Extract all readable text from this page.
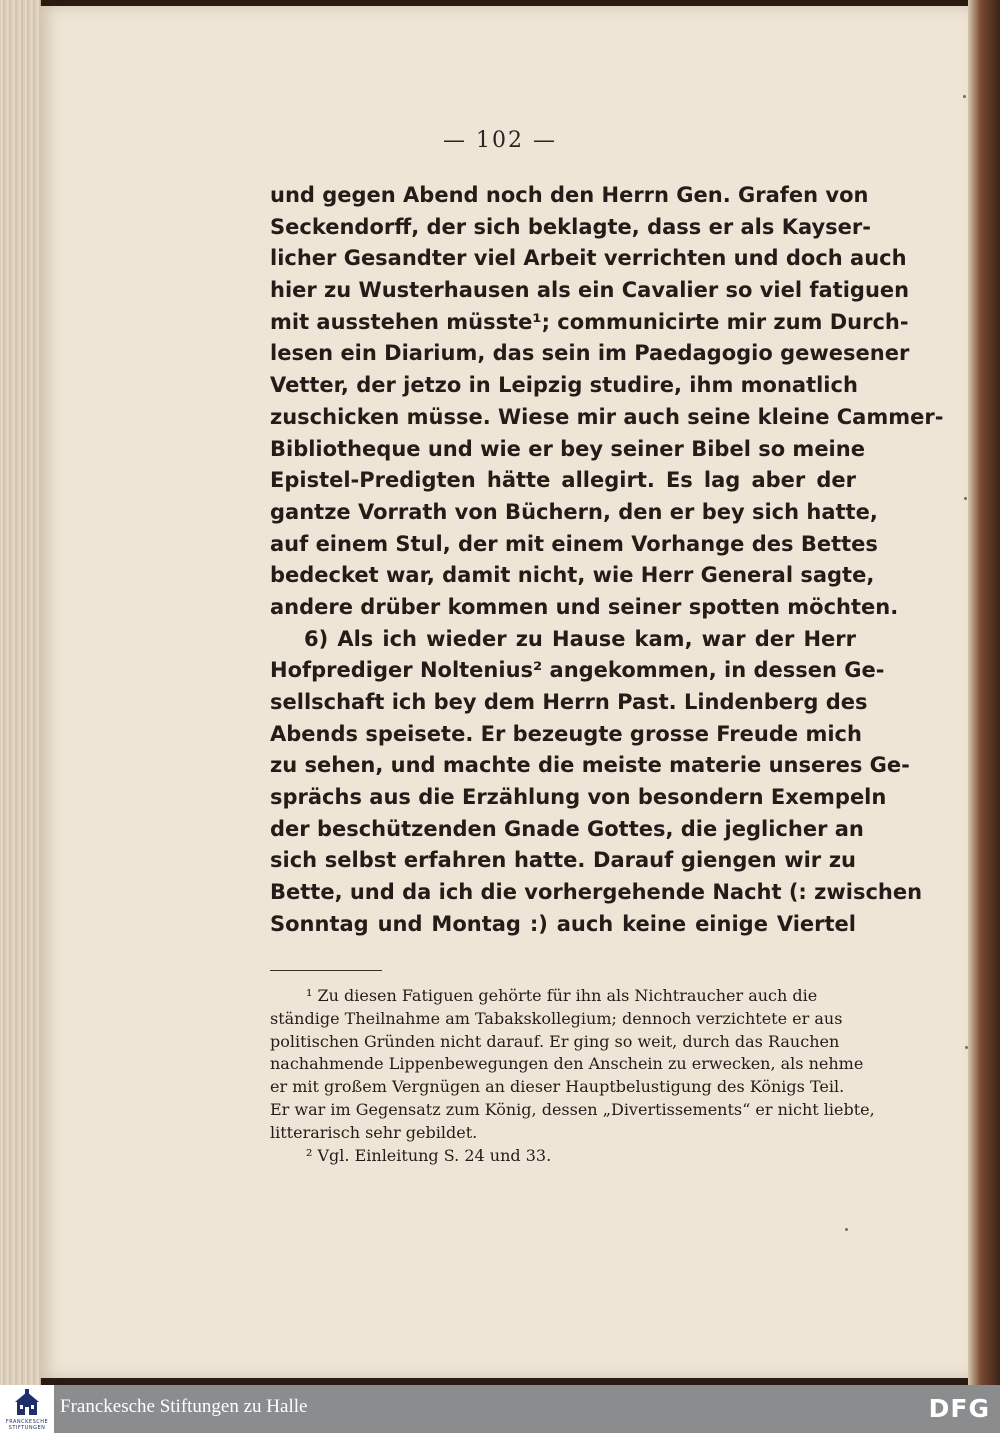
— 102 —
und gegen Abend noch den Herrn Gen. Grafen von
Seckendorff, der sich beklagte, dass er als Kayser-
licher Gesandter viel Arbeit verrichten und doch auch
hier zu Wusterhausen als ein Cavalier so viel fatiguen
mit ausstehen müsste¹; communicirte mir zum Durch-
lesen ein Diarium, das sein im Paedagogio gewesener
Vetter, der jetzo in Leipzig studire, ihm monatlich
zuschicken müsse. Wiese mir auch seine kleine Cammer-
Bibliotheque und wie er bey seiner Bibel so meine
Epistel-Predigten hätte allegirt. Es lag aber der
gantze Vorrath von Büchern, den er bey sich hatte,
auf einem Stul, der mit einem Vorhange des Bettes
bedecket war, damit nicht, wie Herr General sagte,
andere drüber kommen und seiner spotten möchten.
6) Als ich wieder zu Hause kam, war der Herr
Hofprediger Noltenius² angekommen, in dessen Ge-
sellschaft ich bey dem Herrn Past. Lindenberg des
Abends speisete. Er bezeugte grosse Freude mich
zu sehen, und machte die meiste materie unseres Ge-
sprächs aus die Erzählung von besondern Exempeln
der beschützenden Gnade Gottes, die jeglicher an
sich selbst erfahren hatte. Darauf giengen wir zu
Bette, und da ich die vorhergehende Nacht (: zwischen
Sonntag und Montag :) auch keine einige Viertel
¹ Zu diesen Fatiguen gehörte für ihn als Nichtraucher auch die
ständige Theilnahme am Tabakskollegium; dennoch verzichtete er aus
politischen Gründen nicht darauf. Er ging so weit, durch das Rauchen
nachahmende Lippenbewegungen den Anschein zu erwecken, als nehme
er mit großem Vergnügen an dieser Hauptbelustigung des Königs Teil.
Er war im Gegensatz zum König, dessen „Divertissements“ er nicht liebte,
litterarisch sehr gebildet.
² Vgl. Einleitung S. 24 und 33.
FRANCKESCHE STIFTUNGEN
Franckesche Stiftungen zu Halle	DFG
